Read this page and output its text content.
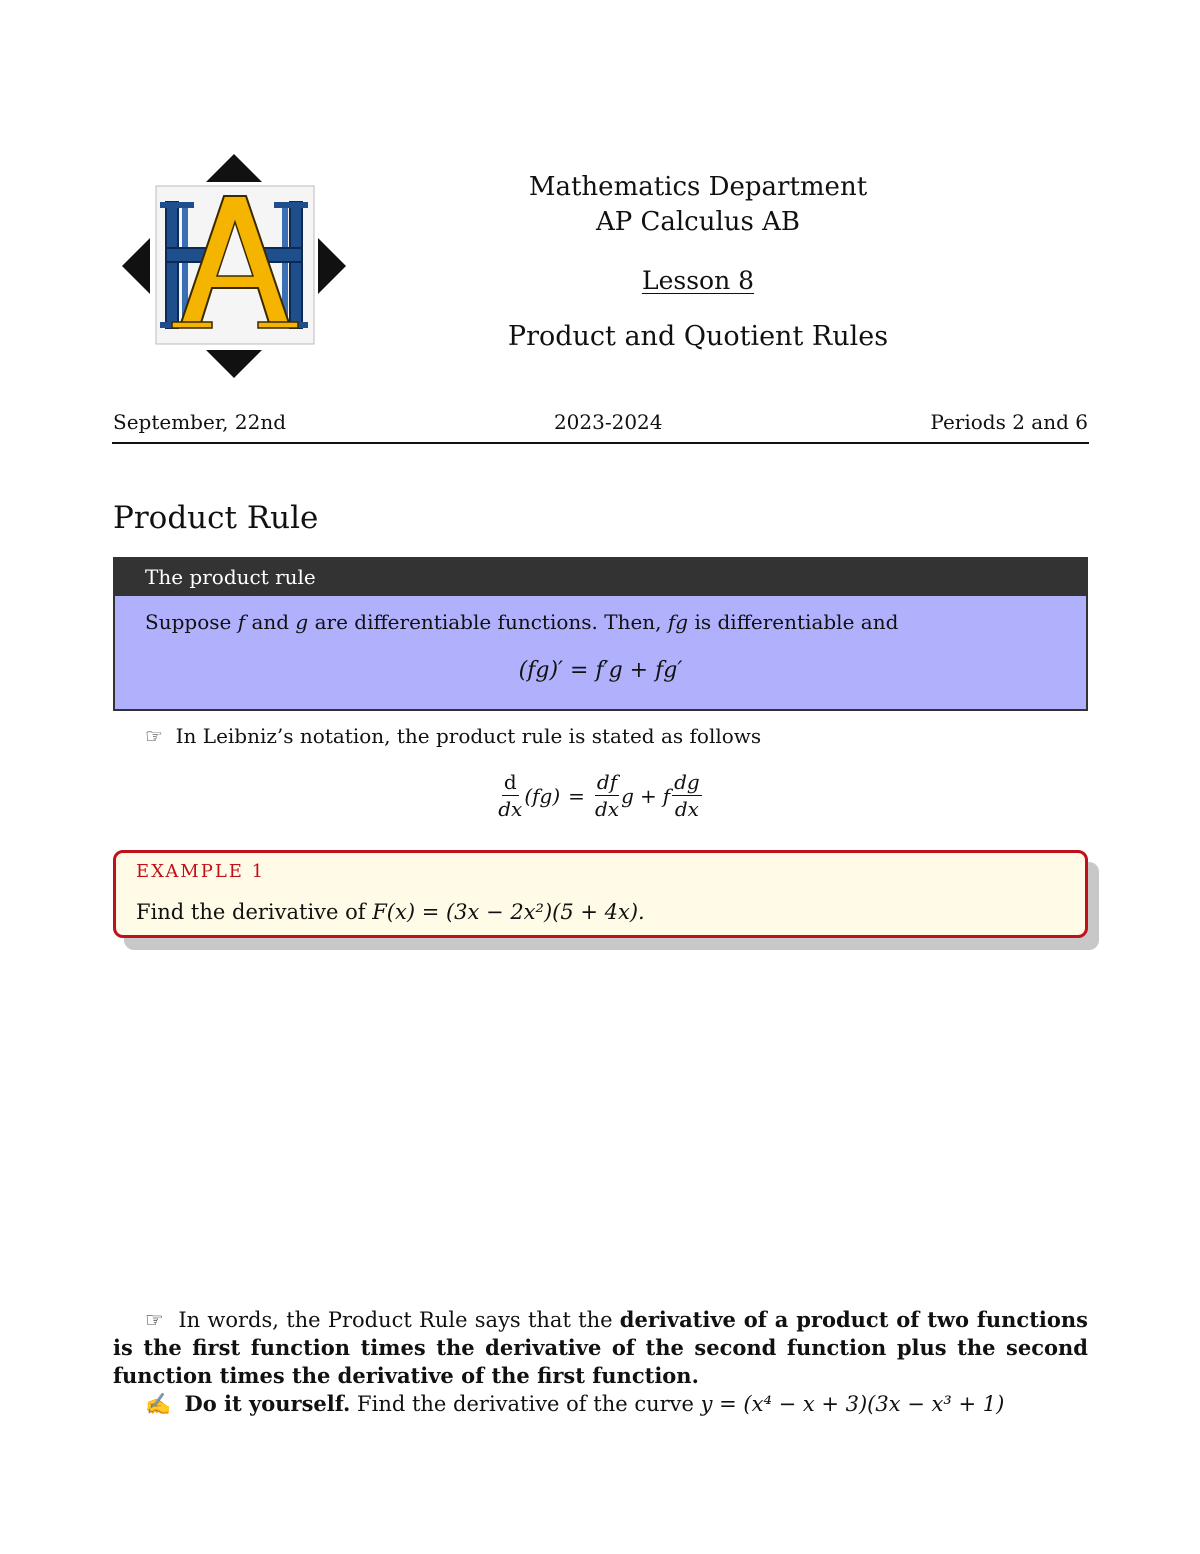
Mathematics Department
AP Calculus AB
Lesson 8
Product and Quotient Rules
September, 22nd	2023-2024	Periods 2 and 6
Product Rule
The product rule
Suppose f and g are differentiable functions. Then, fg is differentiable and
(fg)′ = f′g + fg′
☞ In Leibniz’s notation, the product rule is stated as follows
$\frac{d}{dx} (fg) = \frac{df}{dx}$ g + f $\frac{dg}{dx}$
EXAMPLE 1
Find the derivative of F(x) = (3x − 2x²)(5 + 4x).
☞ In words, the Product Rule says that the derivative of a product of two functions is the first function times the derivative of the second function plus the second function times the derivative of the first function.
✍ Do it yourself. Find the derivative of the curve y = (x⁴ − x + 3)(3x − x³ + 1)
